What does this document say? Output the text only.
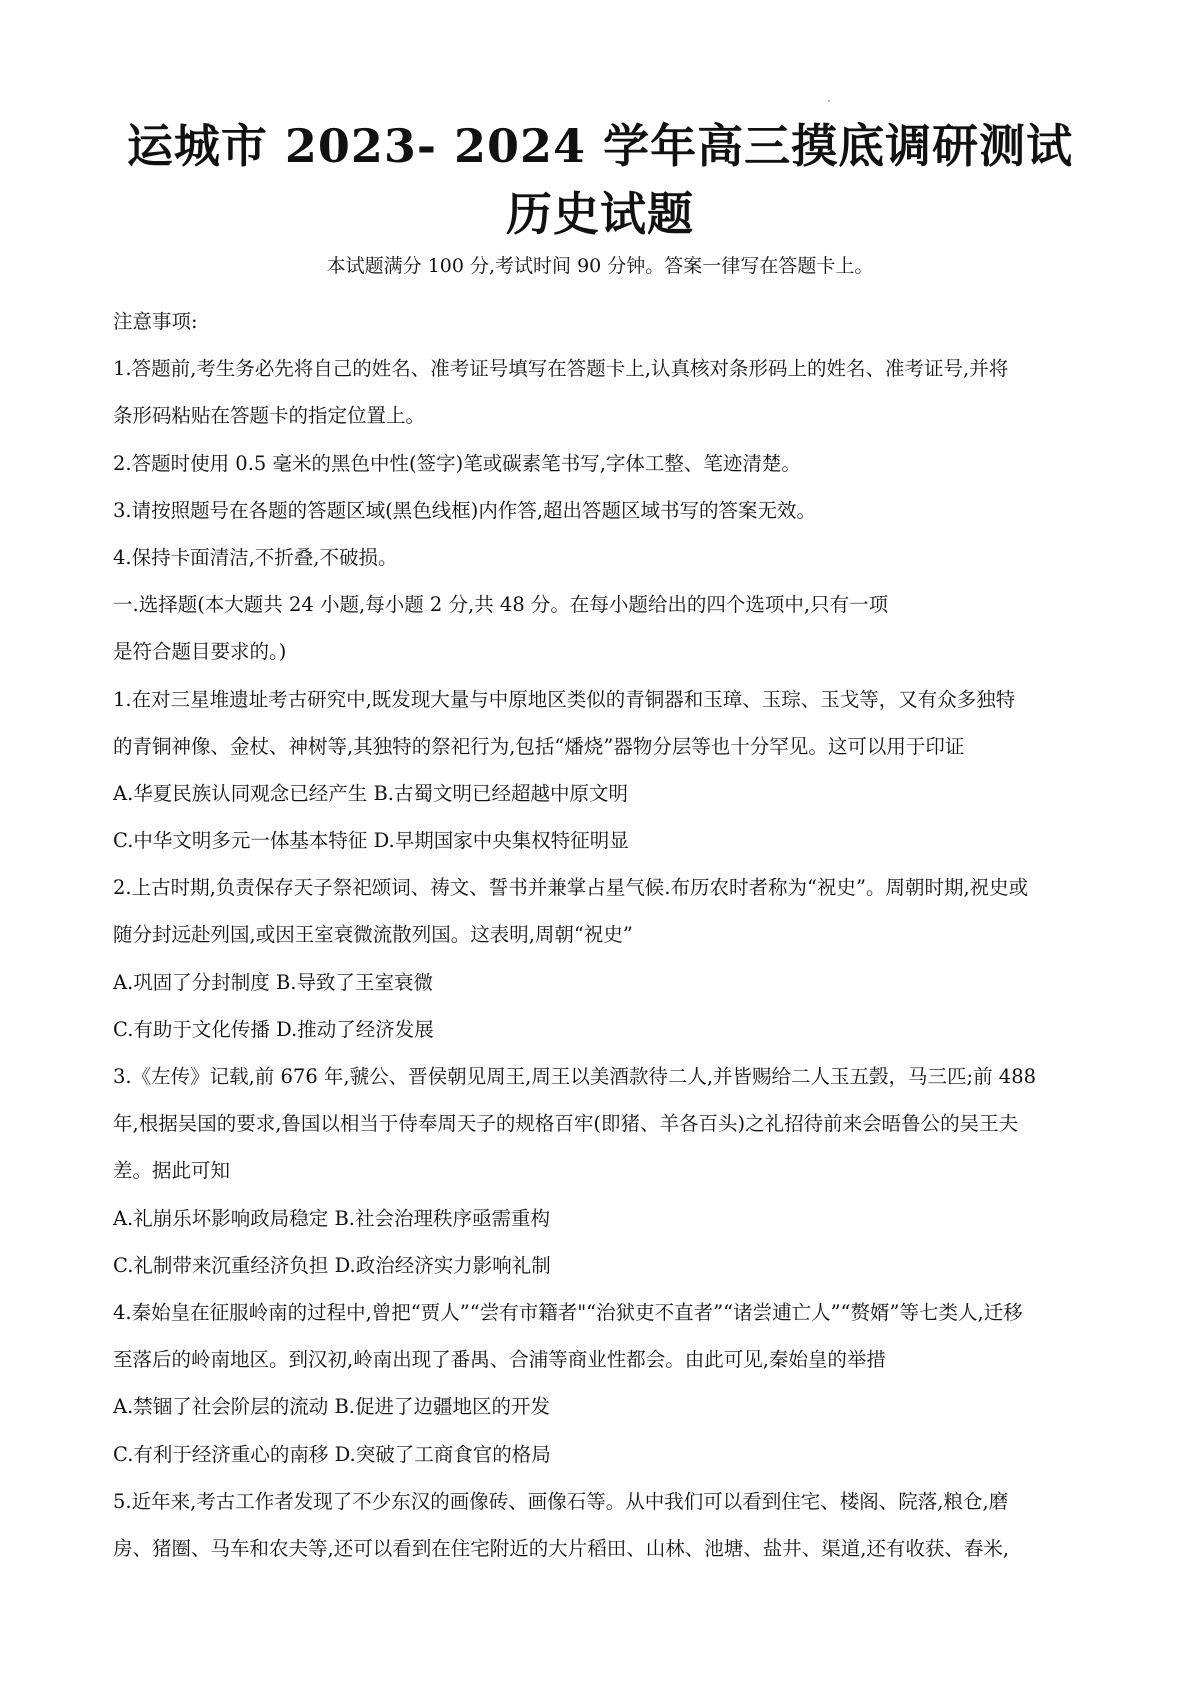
运城市 2023- 2024 学年高三摸底调研测试
历史试题
本试题满分 100 分,考试时间 90 分钟。答案一律写在答题卡上。
注意事项:
1.答题前,考生务必先将自己的姓名、准考证号填写在答题卡上,认真核对条形码上的姓名、准考证号,并将
条形码粘贴在答题卡的指定位置上。
2.答题时使用 0.5 毫米的黑色中性(签字)笔或碳素笔书写,字体工整、笔迹清楚。
3.请按照题号在各题的答题区域(黑色线框)内作答,超出答题区域书写的答案无效。
4.保持卡面清洁,不折叠,不破损。
一.选择题(本大题共 24 小题,每小题 2 分,共 48 分。在每小题给出的四个选项中,只有一项
是符合题目要求的。)
1.在对三星堆遗址考古研究中,既发现大量与中原地区类似的青铜器和玉璋、玉琮、玉戈等，又有众多独特
的青铜神像、金杖、神树等,其独特的祭祀行为,包括“燔烧”器物分层等也十分罕见。这可以用于印证
A.华夏民族认同观念已经产生 B.古蜀文明已经超越中原文明
C.中华文明多元一体基本特征 D.早期国家中央集权特征明显
2.上古时期,负责保存天子祭祀颂词、祷文、誓书并兼掌占星气候.布历农时者称为“祝史”。周朝时期,祝史或
随分封远赴列国,或因王室衰微流散列国。这表明,周朝“祝史”
A.巩固了分封制度 B.导致了王室衰微
C.有助于文化传播 D.推动了经济发展
3.《左传》记载,前 676 年,虢公、晋侯朝见周王,周王以美酒款待二人,并皆赐给二人玉五瑴，马三匹;前 488
年,根据吴国的要求,鲁国以相当于侍奉周天子的规格百牢(即猪、羊各百头)之礼招待前来会晤鲁公的吴王夫
差。据此可知
A.礼崩乐坏影响政局稳定 B.社会治理秩序亟需重构
C.礼制带来沉重经济负担 D.政治经济实力影响礼制
4.秦始皇在征服岭南的过程中,曾把“贾人”“尝有市籍者"“治狱吏不直者”“诸尝逋亡人”“赘婿”等七类人,迁移
至落后的岭南地区。到汉初,岭南出现了番禺、合浦等商业性都会。由此可见,秦始皇的举措
A.禁锢了社会阶层的流动 B.促进了边疆地区的开发
C.有利于经济重心的南移 D.突破了工商食官的格局
5.近年来,考古工作者发现了不少东汉的画像砖、画像石等。从中我们可以看到住宅、楼阁、院落,粮仓,磨
房、猪圈、马车和农夫等,还可以看到在住宅附近的大片稻田、山林、池塘、盐井、渠道,还有收获、舂米,
